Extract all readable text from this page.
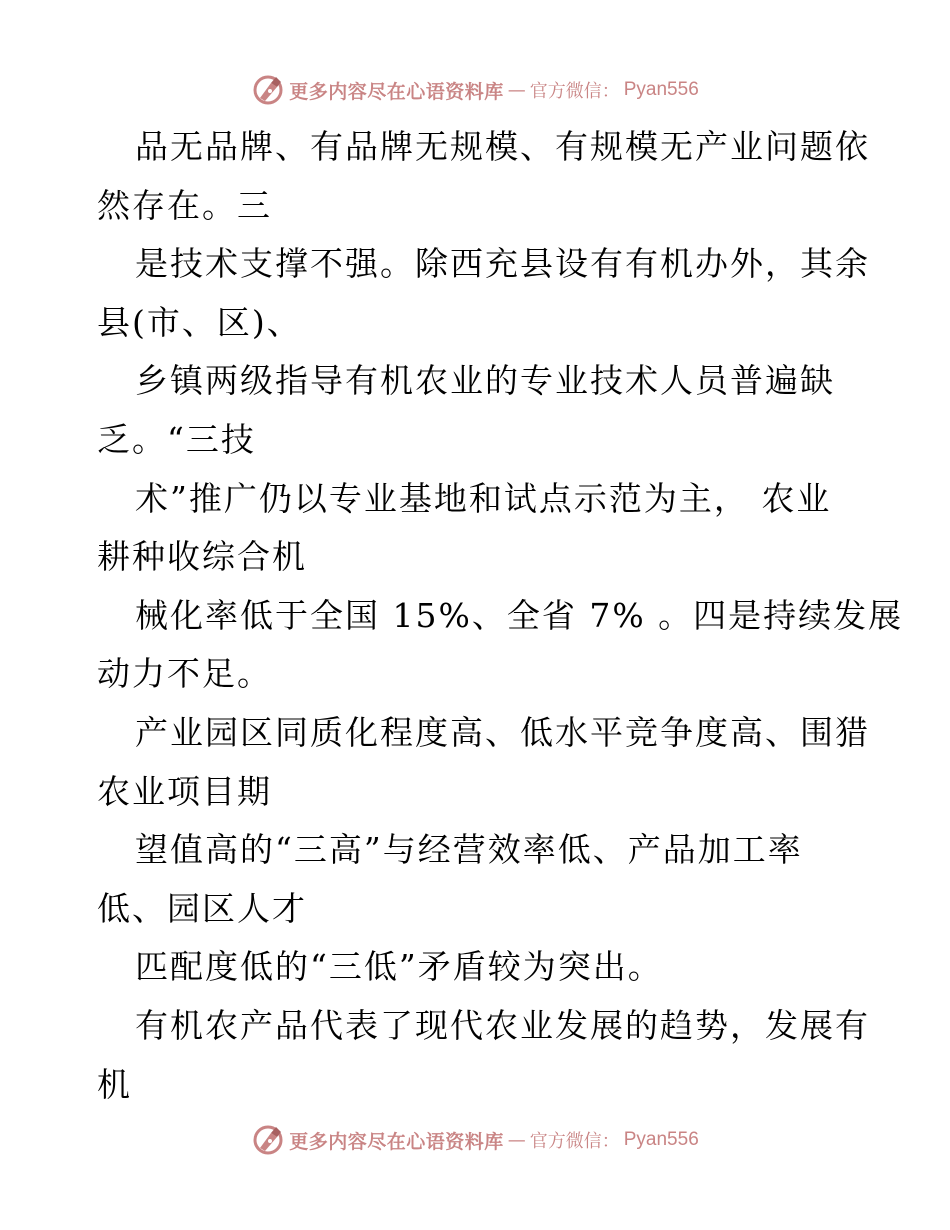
更多内容尽在心语资料库 — 官方微信： Pyan556
品无品牌、有品牌无规模、有规模无产业问题依
然存在。三
是技术支撑不强。除西充县设有有机办外，其余
县(市、区)、
乡镇两级指导有机农业的专业技术人员普遍缺
乏。“三技
术”推广仍以专业基地和试点示范为主， 农业
耕种收综合机
械化率低于全国 15%、全省 7% 。四是持续发展
动力不足。
产业园区同质化程度高、低水平竞争度高、围猎
农业项目期
望值高的“三高”与经营效率低、产品加工率
低、园区人才
匹配度低的“三低”矛盾较为突出。
有机农产品代表了现代农业发展的趋势，发展有
机
更多内容尽在心语资料库 — 官方微信： Pyan556
